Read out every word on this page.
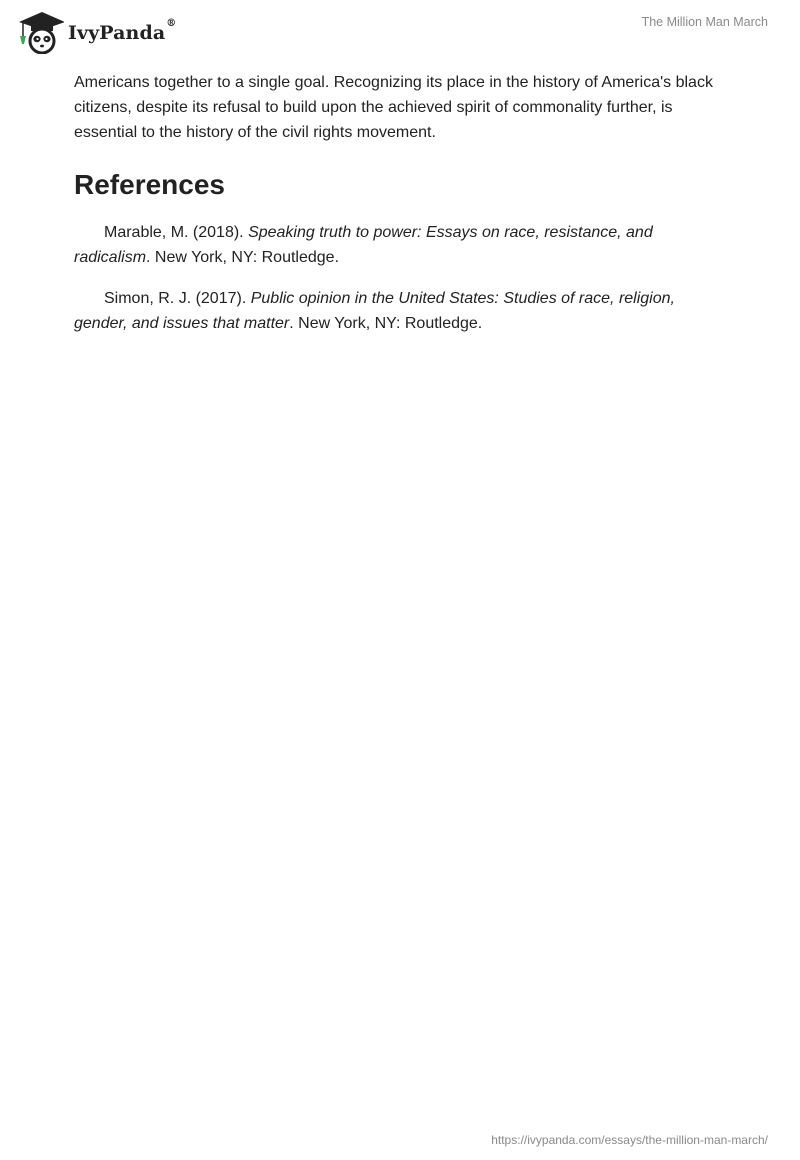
IvyPanda®	The Million Man March

Americans together to a single goal. Recognizing its place in the history of America's black citizens, despite its refusal to build upon the achieved spirit of commonality further, is essential to the history of the civil rights movement.

References

Marable, M. (2018). Speaking truth to power: Essays on race, resistance, and radicalism. New York, NY: Routledge.

Simon, R. J. (2017). Public opinion in the United States: Studies of race, religion, gender, and issues that matter. New York, NY: Routledge.

https://ivypanda.com/essays/the-million-man-march/
